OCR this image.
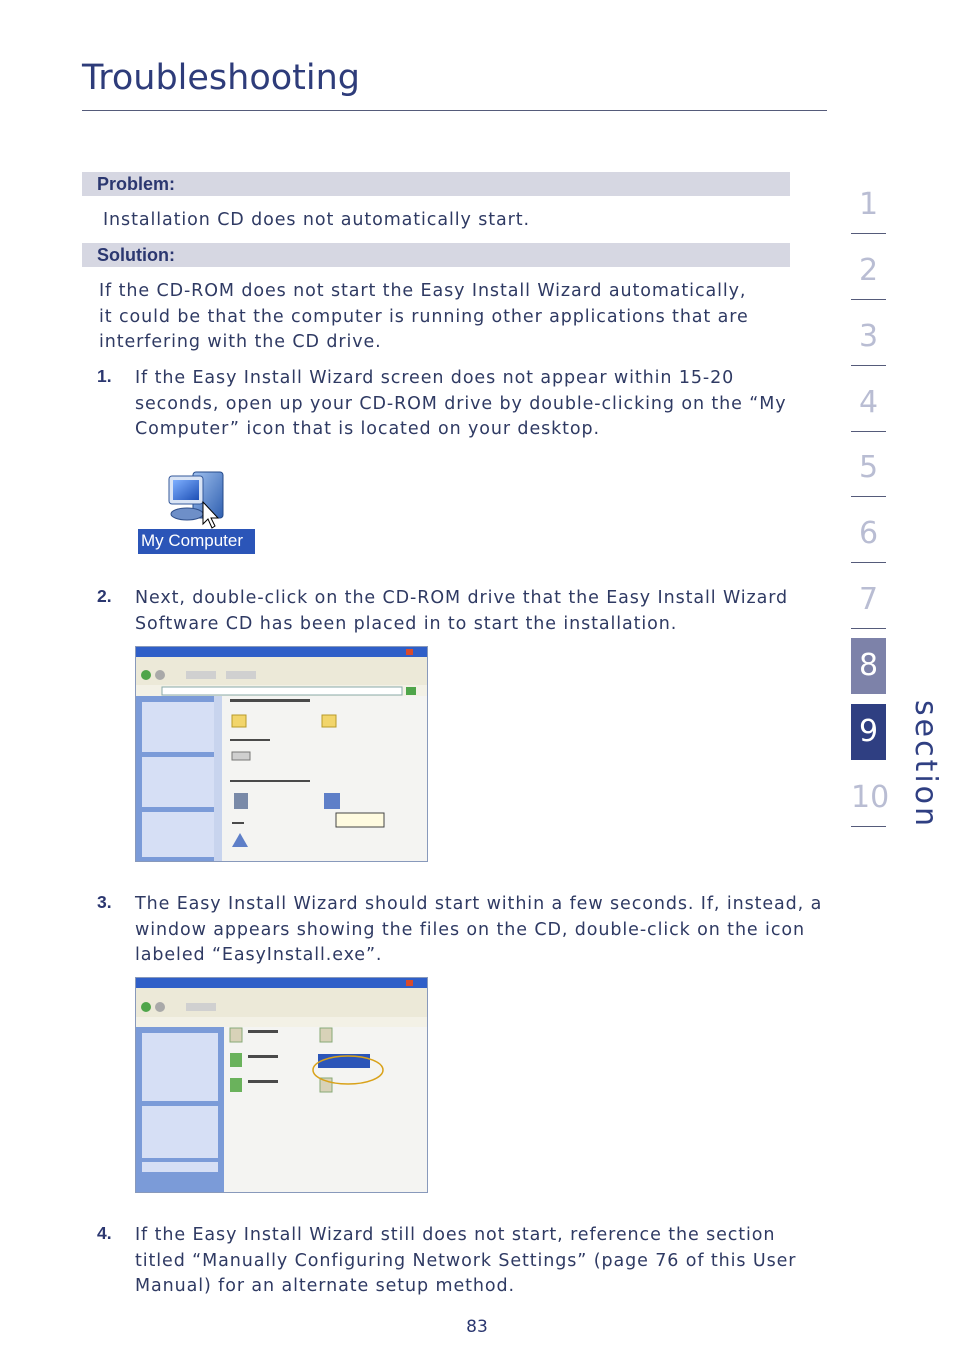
Troubleshooting
Problem:
Installation CD does not automatically start.
Solution:
If the CD-ROM does not start the Easy Install Wizard automatically,
it could be that the computer is running other applications that are
interfering with the CD drive.
1. If the Easy Install Wizard screen does not appear within 15-20
seconds, open up your CD-ROM drive by double-clicking on the “My
Computer” icon that is located on your desktop.
My Computer
2. Next, double-click on the CD-ROM drive that the Easy Install Wizard
Software CD has been placed in to start the installation.
3. The Easy Install Wizard should start within a few seconds. If, instead, a
window appears showing the files on the CD, double-click on the icon
labeled “EasyInstall.exe”.
4. If the Easy Install Wizard still does not start, reference the section
titled “Manually Configuring Network Settings” (page 76 of this User
Manual) for an alternate setup method.
83
1
2
3
4
5
6
7
8
9
10 section
